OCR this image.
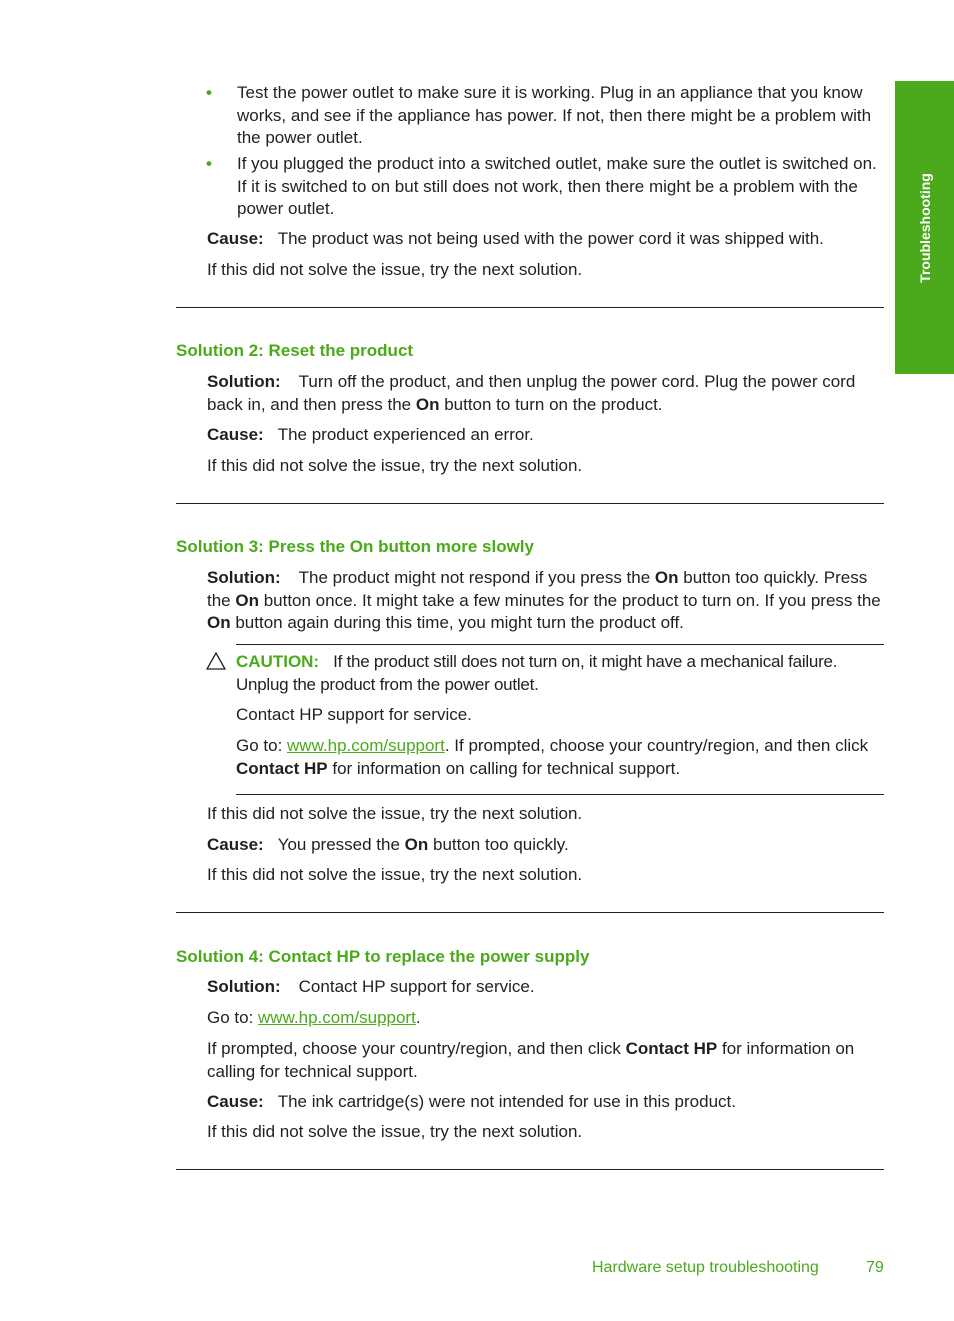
Troubleshooting
• Test the power outlet to make sure it is working. Plug in an appliance that you know works, and see if the appliance has power. If not, then there might be a problem with the power outlet.
• If you plugged the product into a switched outlet, make sure the outlet is switched on. If it is switched to on but still does not work, then there might be a problem with the power outlet.
Cause: The product was not being used with the power cord it was shipped with.
If this did not solve the issue, try the next solution.
Solution 2: Reset the product
Solution: Turn off the product, and then unplug the power cord. Plug the power cord back in, and then press the On button to turn on the product.
Cause: The product experienced an error.
If this did not solve the issue, try the next solution.
Solution 3: Press the On button more slowly
Solution: The product might not respond if you press the On button too quickly. Press the On button once. It might take a few minutes for the product to turn on. If you press the On button again during this time, you might turn the product off.
CAUTION: If the product still does not turn on, it might have a mechanical failure. Unplug the product from the power outlet.
Contact HP support for service.
Go to: www.hp.com/support. If prompted, choose your country/region, and then click Contact HP for information on calling for technical support.
If this did not solve the issue, try the next solution.
Cause: You pressed the On button too quickly.
If this did not solve the issue, try the next solution.
Solution 4: Contact HP to replace the power supply
Solution: Contact HP support for service.
Go to: www.hp.com/support.
If prompted, choose your country/region, and then click Contact HP for information on calling for technical support.
Cause: The ink cartridge(s) were not intended for use in this product.
If this did not solve the issue, try the next solution.
Hardware setup troubleshooting	79
